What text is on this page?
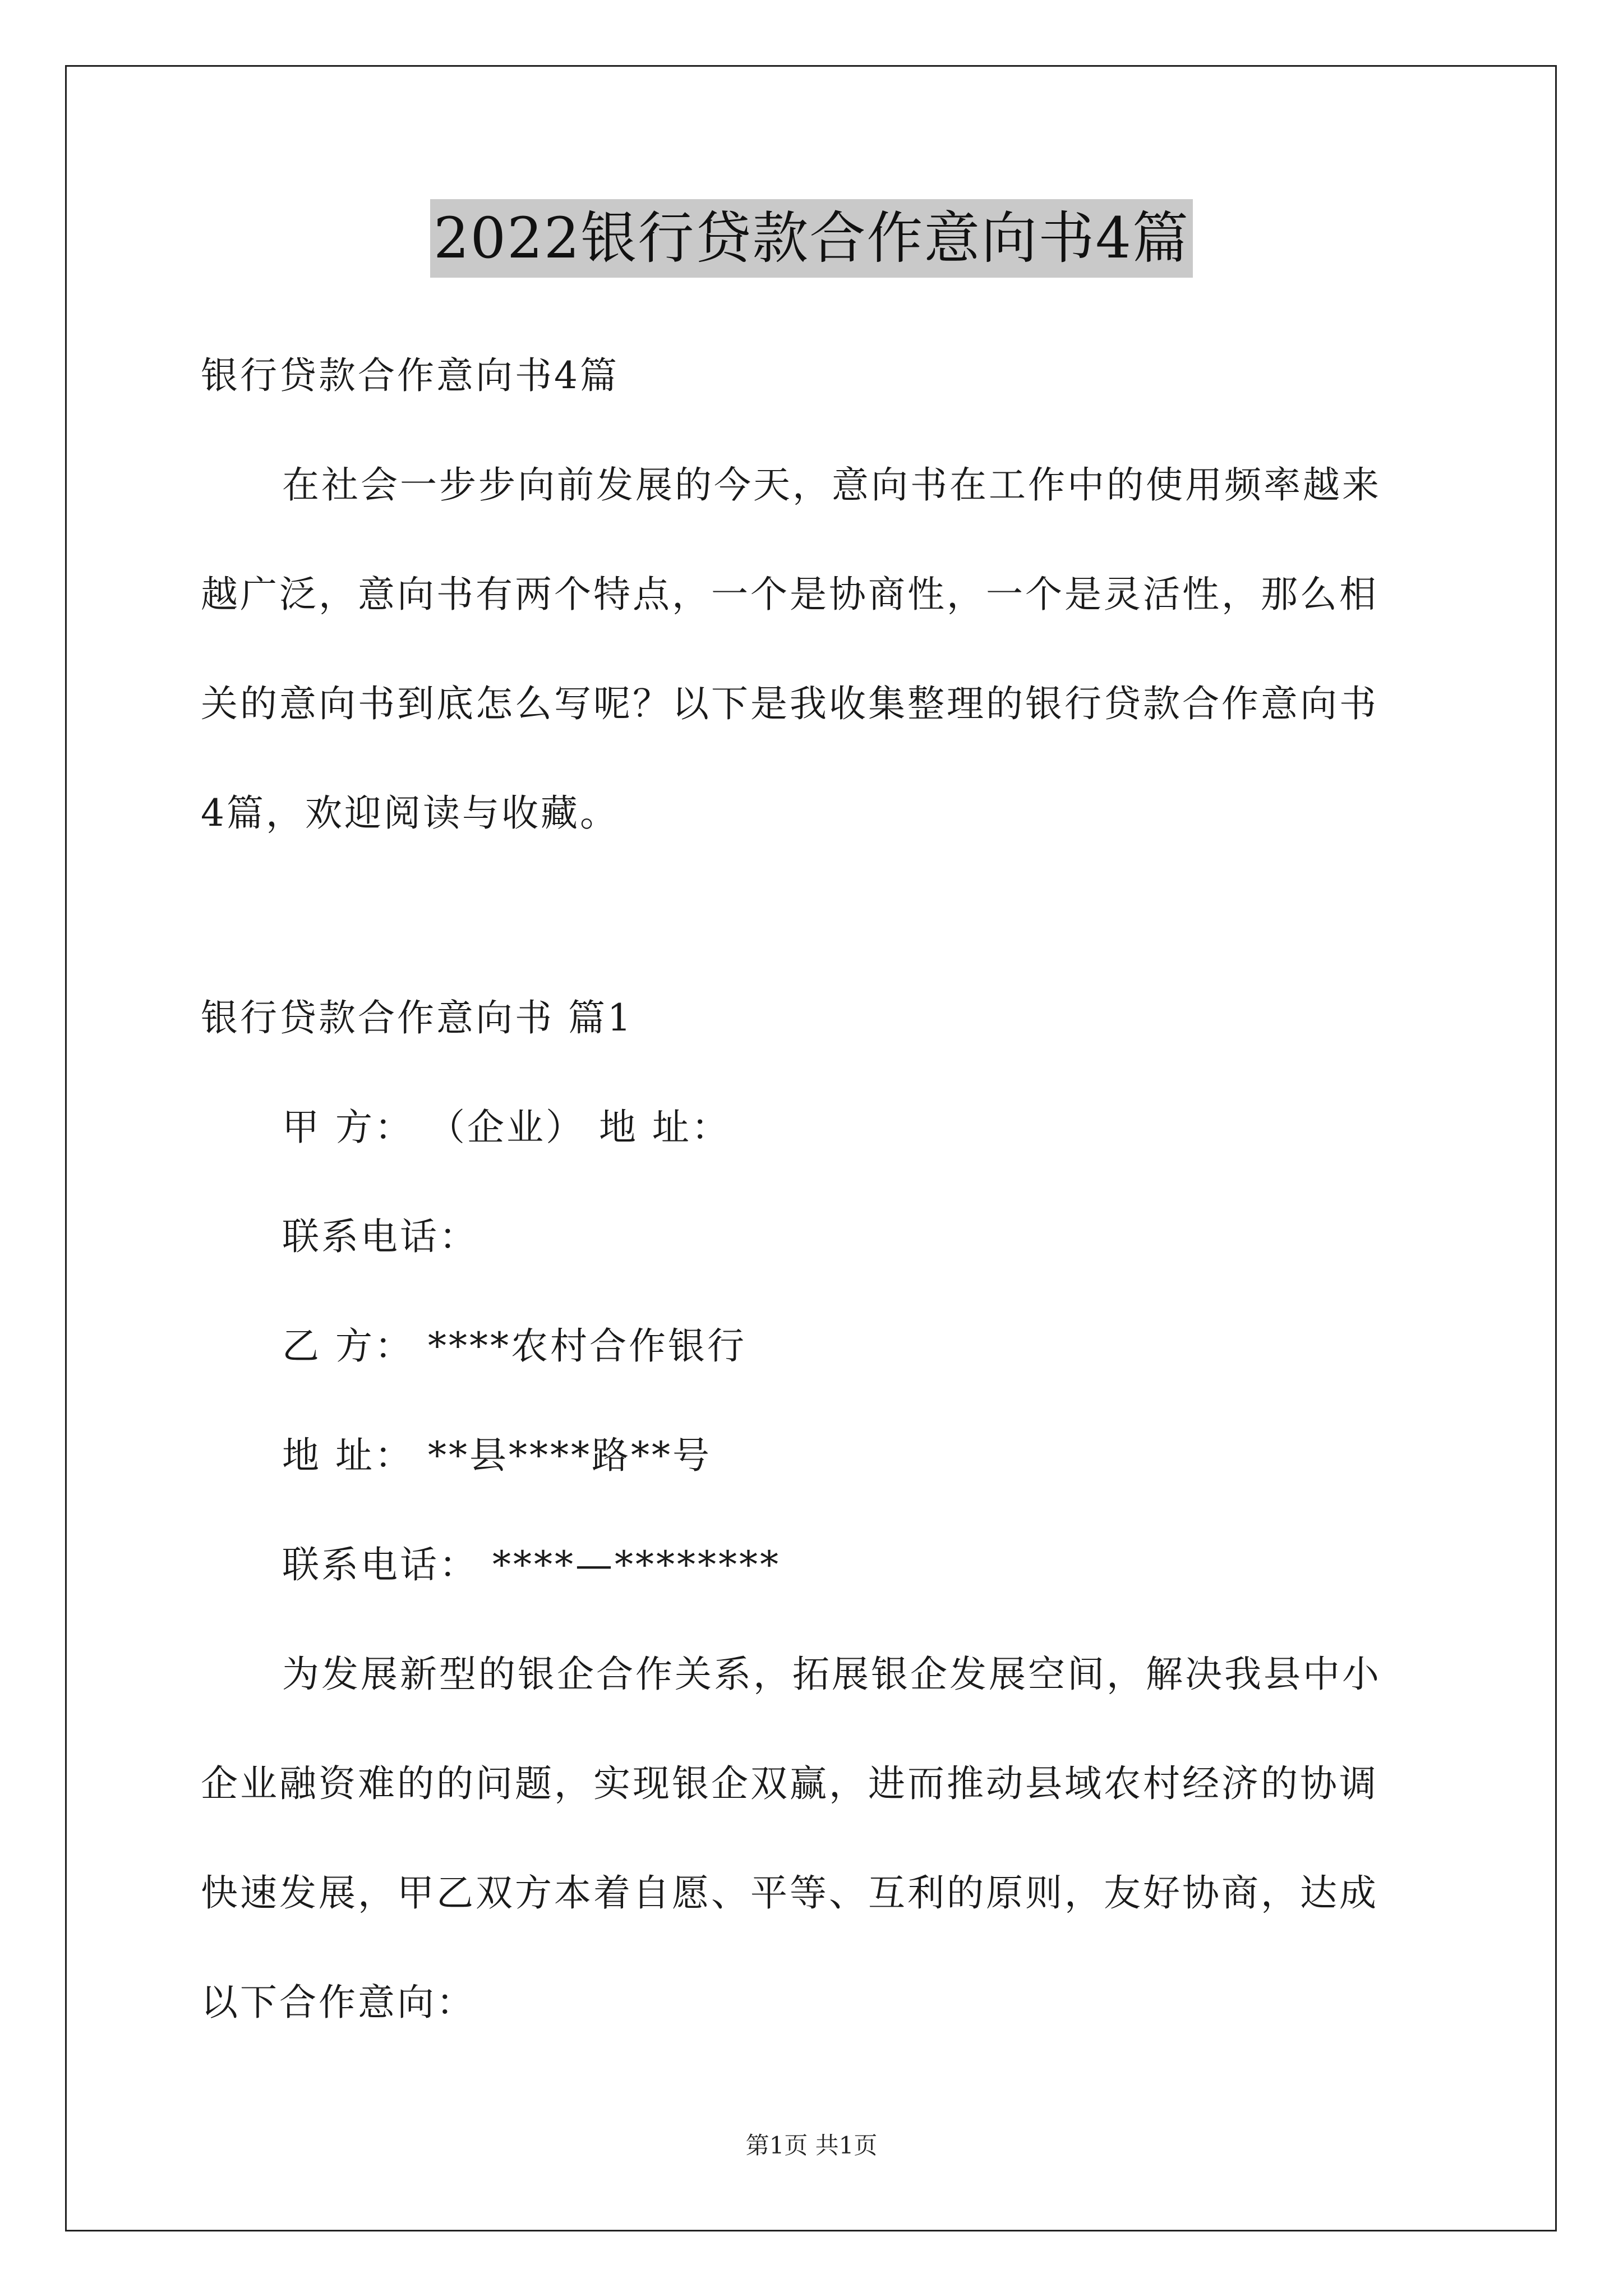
2022银行贷款合作意向书4篇
银行贷款合作意向书4篇
在社会一步步向前发展的今天，意向书在工作中的使用频率越来
越广泛，意向书有两个特点，一个是协商性，一个是灵活性，那么相
关的意向书到底怎么写呢？以下是我收集整理的银行贷款合作意向书
4篇，欢迎阅读与收藏。
银行贷款合作意向书 篇1
甲 方： （企业） 地 址：
联系电话：
乙 方： ****农村合作银行
地 址： **县****路**号
联系电话： ****—********
为发展新型的银企合作关系，拓展银企发展空间，解决我县中小
企业融资难的的问题，实现银企双赢，进而推动县域农村经济的协调
快速发展，甲乙双方本着自愿、平等、互利的原则，友好协商，达成
以下合作意向：
第1页 共1页
